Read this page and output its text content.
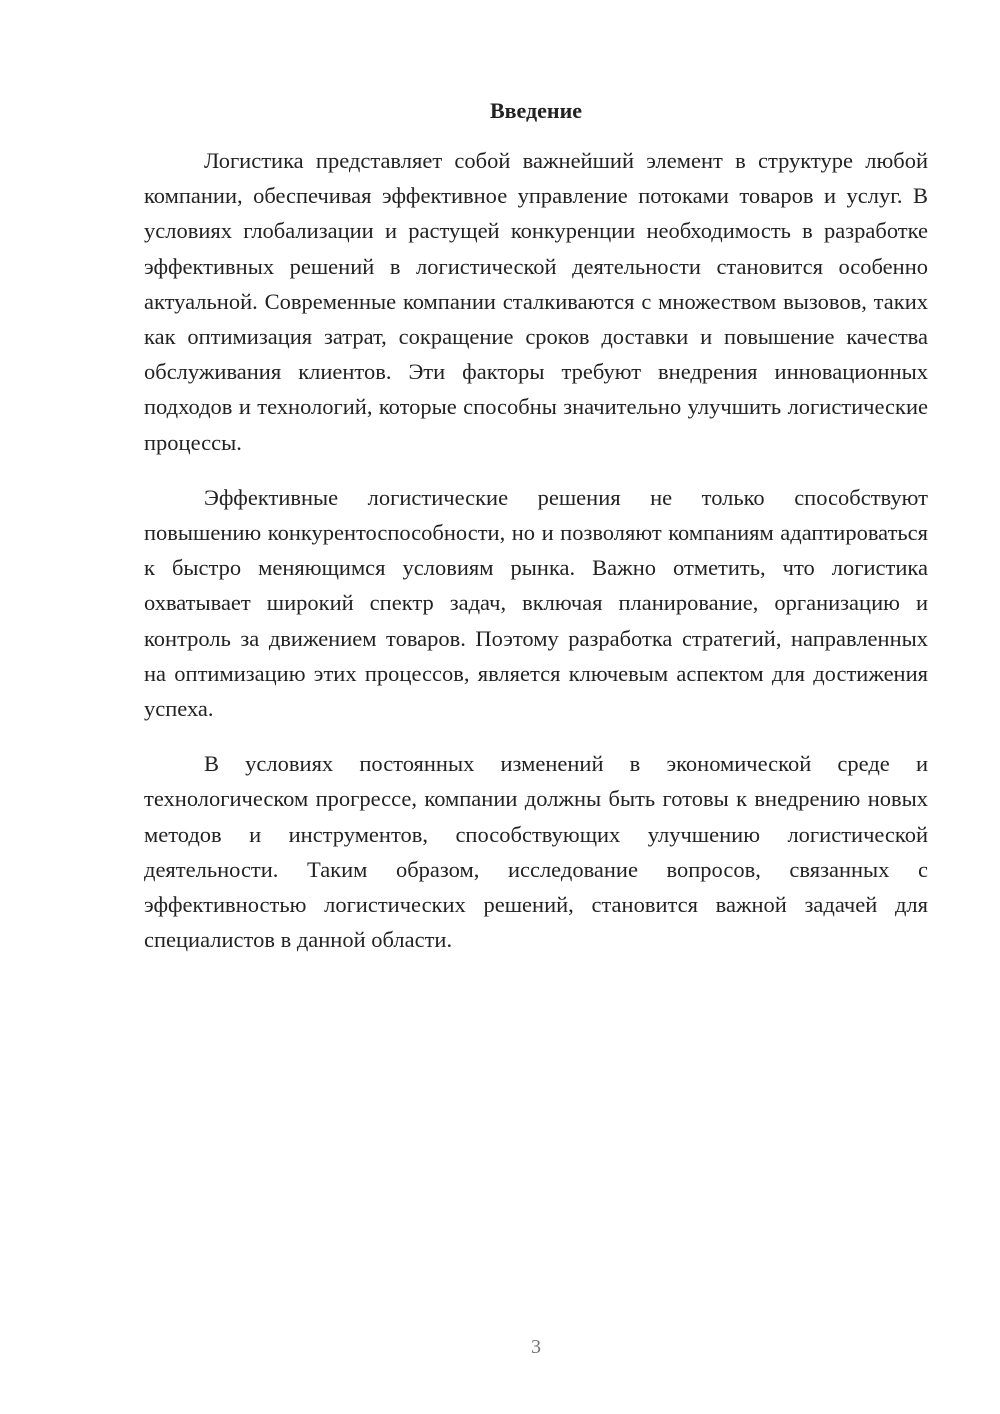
Введение

Логистика представляет собой важнейший элемент в структуре любой компании, обеспечивая эффективное управление потоками товаров и услуг. В условиях глобализации и растущей конкуренции необходимость в разработке эффективных решений в логистической деятельности становится особенно актуальной. Современные компании сталкиваются с множеством вызовов, таких как оптимизация затрат, сокращение сроков доставки и повышение качества обслуживания клиентов. Эти факторы требуют внедрения инновационных подходов и технологий, которые способны значительно улучшить логистические процессы.

Эффективные логистические решения не только способствуют повышению конкурентоспособности, но и позволяют компаниям адаптироваться к быстро меняющимся условиям рынка. Важно отметить, что логистика охватывает широкий спектр задач, включая планирование, организацию и контроль за движением товаров. Поэтому разработка стратегий, направленных на оптимизацию этих процессов, является ключевым аспектом для достижения успеха.

В условиях постоянных изменений в экономической среде и технологическом прогрессе, компании должны быть готовы к внедрению новых методов и инструментов, способствующих улучшению логистической деятельности. Таким образом, исследование вопросов, связанных с эффективностью логистических решений, становится важной задачей для специалистов в данной области.

3
